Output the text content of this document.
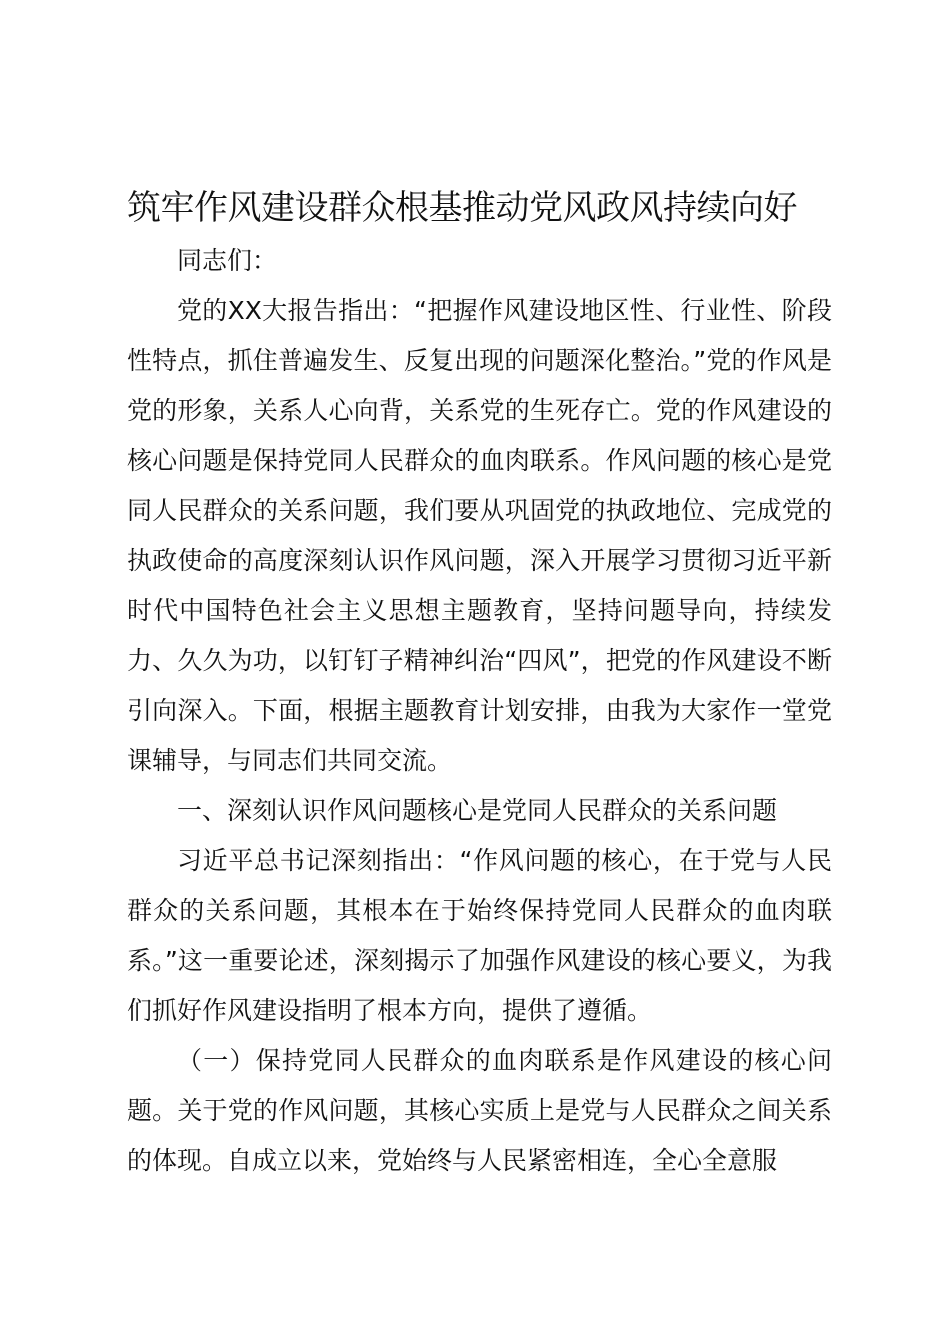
筑牢作风建设群众根基推动党风政风持续向好

同志们：

党的XX大报告指出：“把握作风建设地区性、行业性、阶段性特点，抓住普遍发生、反复出现的问题深化整治。”党的作风是党的形象，关系人心向背，关系党的生死存亡。党的作风建设的核心问题是保持党同人民群众的血肉联系。作风问题的核心是党同人民群众的关系问题，我们要从巩固党的执政地位、完成党的执政使命的高度深刻认识作风问题，深入开展学习贯彻习近平新时代中国特色社会主义思想主题教育，坚持问题导向，持续发力、久久为功，以钉钉子精神纠治“四风”，把党的作风建设不断引向深入。下面，根据主题教育计划安排，由我为大家作一堂党课辅导，与同志们共同交流。

一、深刻认识作风问题核心是党同人民群众的关系问题

习近平总书记深刻指出：“作风问题的核心，在于党与人民群众的关系问题，其根本在于始终保持党同人民群众的血肉联系。”这一重要论述，深刻揭示了加强作风建设的核心要义，为我们抓好作风建设指明了根本方向，提供了遵循。

（一）保持党同人民群众的血肉联系是作风建设的核心问题。关于党的作风问题，其核心实质上是党与人民群众之间关系的体现。自成立以来，党始终与人民紧密相连，全心全意服
